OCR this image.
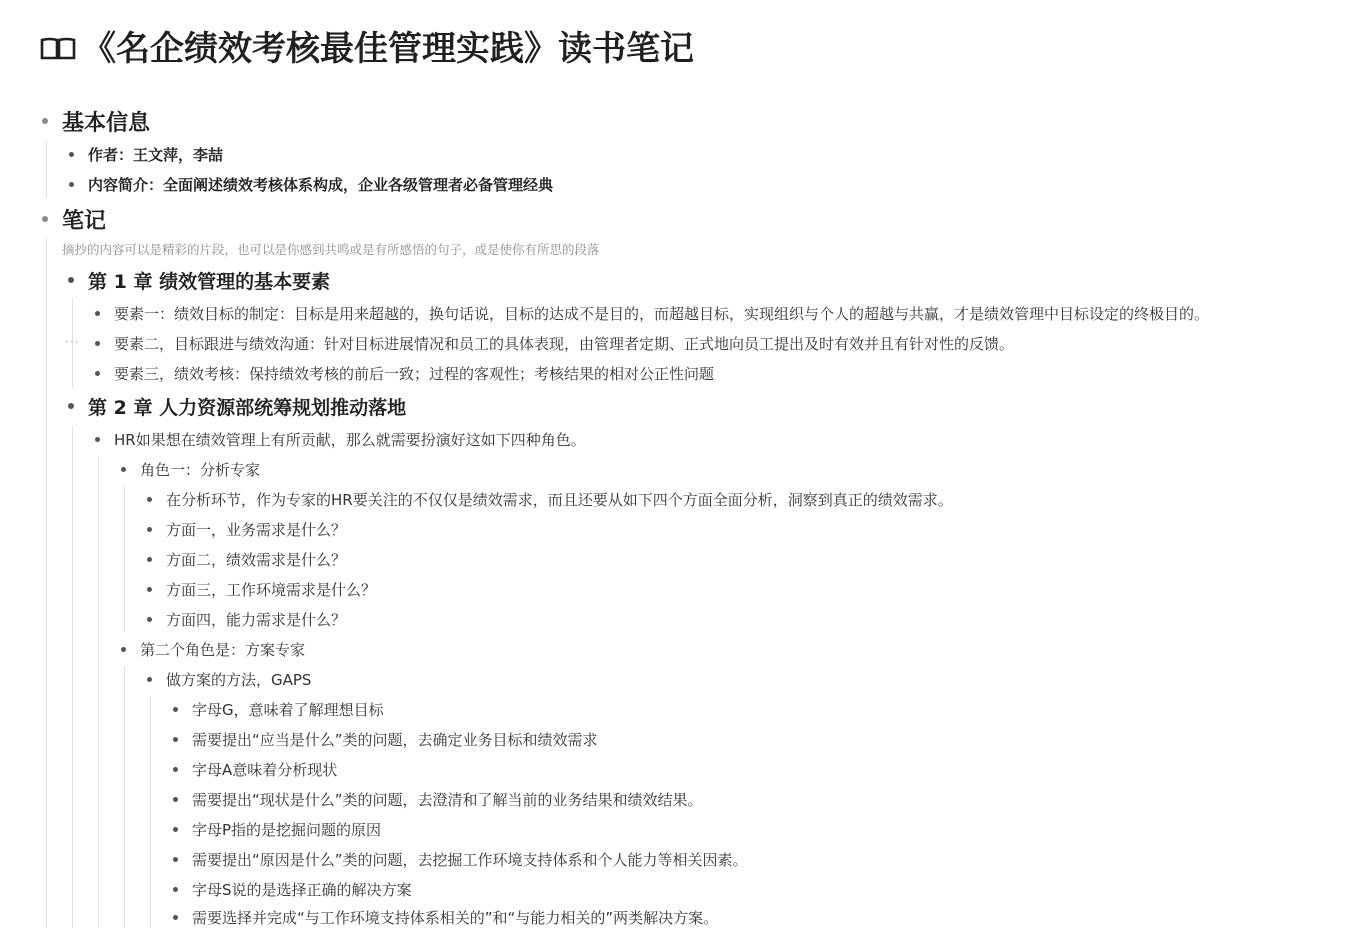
《名企绩效考核最佳管理实践》读书笔记
基本信息
作者：王文萍，李喆
内容简介：全面阐述绩效考核体系构成，企业各级管理者必备管理经典
笔记
摘抄的内容可以是精彩的片段，也可以是你感到共鸣或是有所感悟的句子，或是使你有所思的段落
第 1 章 绩效管理的基本要素
要素一：绩效目标的制定：目标是用来超越的，换句话说，目标的达成不是目的，而超越目标，实现组织与个人的超越与共赢，才是绩效管理中目标设定的终极目的。
··· 要素二，目标跟进与绩效沟通：针对目标进展情况和员工的具体表现，由管理者定期、正式地向员工提出及时有效并且有针对性的反馈。
要素三，绩效考核：保持绩效考核的前后一致；过程的客观性；考核结果的相对公正性问题
第 2 章 人力资源部统筹规划推动落地
HR如果想在绩效管理上有所贡献，那么就需要扮演好这如下四种角色。
角色一：分析专家
在分析环节，作为专家的HR要关注的不仅仅是绩效需求，而且还要从如下四个方面全面分析，洞察到真正的绩效需求。
方面一，业务需求是什么？
方面二，绩效需求是什么？
方面三，工作环境需求是什么？
方面四，能力需求是什么？
第二个角色是：方案专家
做方案的方法，GAPS
字母G，意味着了解理想目标
需要提出“应当是什么”类的问题，去确定业务目标和绩效需求
字母A意味着分析现状
需要提出“现状是什么”类的问题，去澄清和了解当前的业务结果和绩效结果。
字母P指的是挖掘问题的原因
需要提出“原因是什么”类的问题，去挖掘工作环境支持体系和个人能力等相关因素。
字母S说的是选择正确的解决方案
需要选择并完成“与工作环境支持体系相关的”和“与能力相关的”两类解决方案。
